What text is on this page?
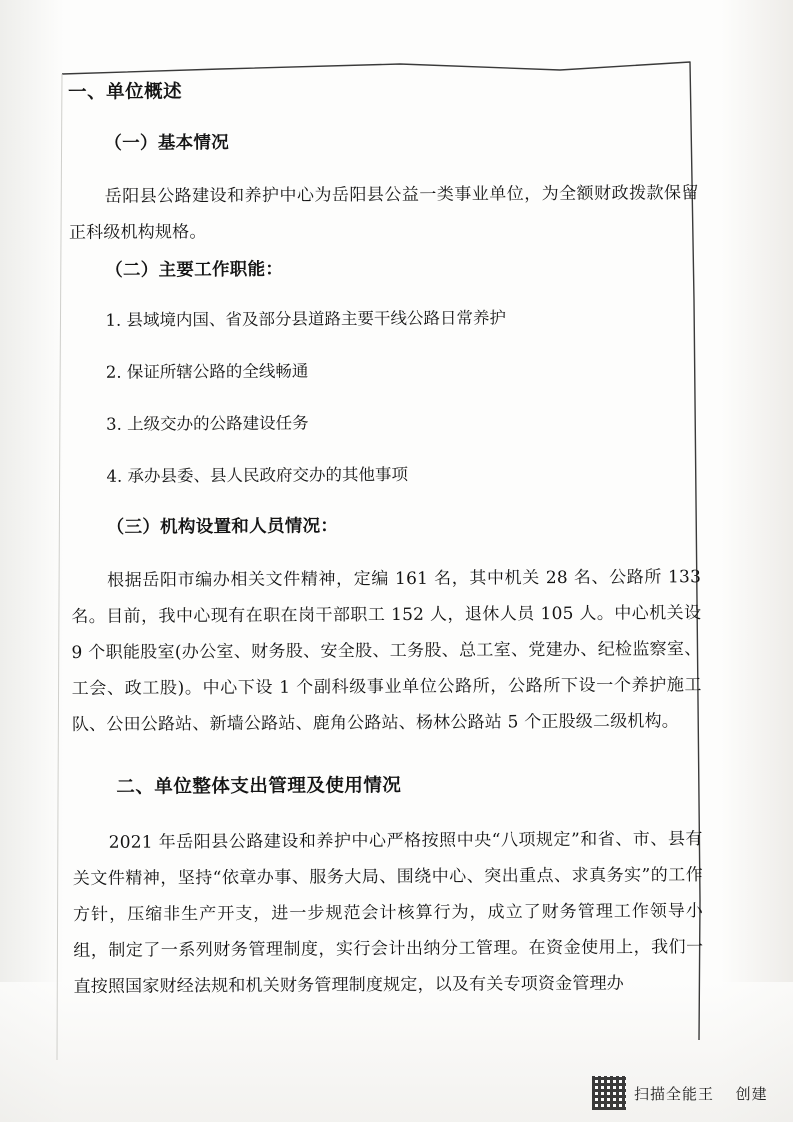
一、单位概述
（一）基本情况
岳阳县公路建设和养护中心为岳阳县公益一类事业单位，为全额财政拨款保留正科级机构规格。
（二）主要工作职能：
1. 县域境内国、省及部分县道路主要干线公路日常养护
2. 保证所辖公路的全线畅通
3. 上级交办的公路建设任务
4. 承办县委、县人民政府交办的其他事项
（三）机构设置和人员情况：
根据岳阳市编办相关文件精神，定编 161 名，其中机关 28 名、公路所 133 名。目前，我中心现有在职在岗干部职工 152 人，退休人员 105 人。中心机关设 9 个职能股室(办公室、财务股、安全股、工务股、总工室、党建办、纪检监察室、工会、政工股)。中心下设 1 个副科级事业单位公路所，公路所下设一个养护施工队、公田公路站、新墙公路站、鹿角公路站、杨林公路站 5 个正股级二级机构。
二、单位整体支出管理及使用情况
2021 年岳阳县公路建设和养护中心严格按照中央“八项规定”和省、市、县有关文件精神，坚持“依章办事、服务大局、围绕中心、突出重点、求真务实”的工作方针，压缩非生产开支，进一步规范会计核算行为，成立了财务管理工作领导小组，制定了一系列财务管理制度，实行会计出纳分工管理。在资金使用上，我们一直按照国家财经法规和机关财务管理制度规定，以及有关专项资金管理办
扫描全能王 创建
